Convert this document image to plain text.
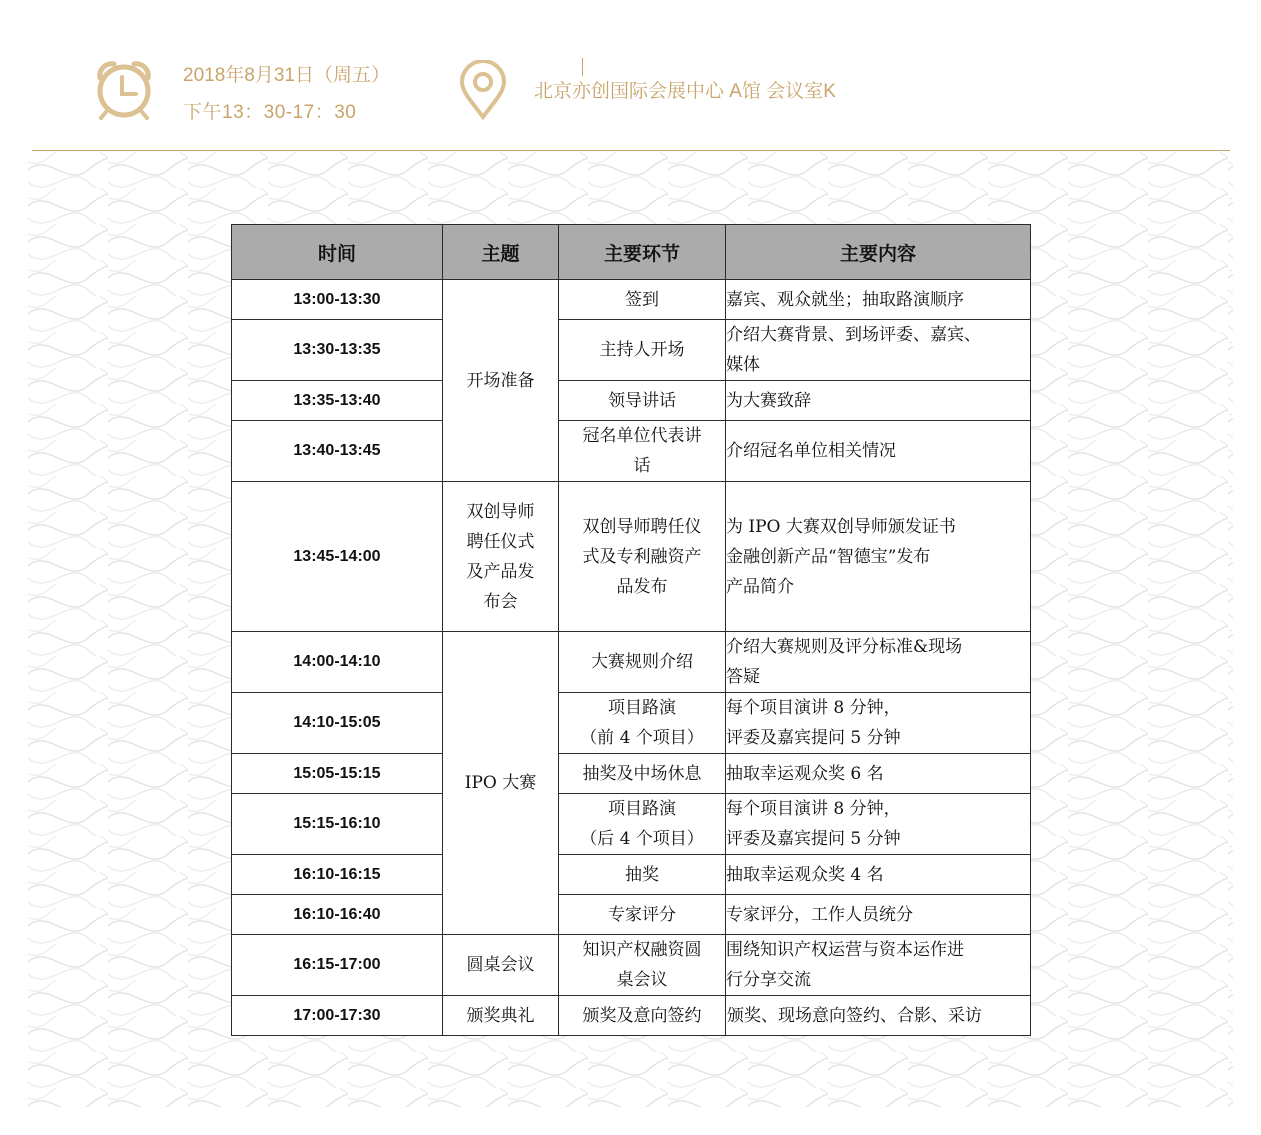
2018年8月31日（周五）
下午13：30-17：30
北京亦创国际会展中心 A馆 会议室K
时间	主题	主要环节	主要内容
13:00-13:30	开场准备	签到	嘉宾、观众就坐；抽取路演顺序
13:30-13:35		主持人开场	介绍大赛背景、到场评委、嘉宾、
媒体
13:35-13:40		领导讲话	为大赛致辞
13:40-13:45		冠名单位代表讲
话	介绍冠名单位相关情况
13:45-14:00	双创导师
聘任仪式
及产品发
布会	双创导师聘任仪
式及专利融资产
品发布	为 IPO 大赛双创导师颁发证书
金融创新产品“智德宝”发布
产品简介
14:00-14:10	IPO 大赛	大赛规则介绍	介绍大赛规则及评分标准&现场
答疑
14:10-15:05		项目路演
（前 4 个项目）	每个项目演讲 8 分钟，
评委及嘉宾提问 5 分钟
15:05-15:15		抽奖及中场休息	抽取幸运观众奖 6 名
15:15-16:10		项目路演
（后 4 个项目）	每个项目演讲 8 分钟，
评委及嘉宾提问 5 分钟
16:10-16:15		抽奖	抽取幸运观众奖 4 名
16:10-16:40		专家评分	专家评分，工作人员统分
16:15-17:00	圆桌会议	知识产权融资圆
桌会议	围绕知识产权运营与资本运作进
行分享交流
17:00-17:30	颁奖典礼	颁奖及意向签约	颁奖、现场意向签约、合影、采访
